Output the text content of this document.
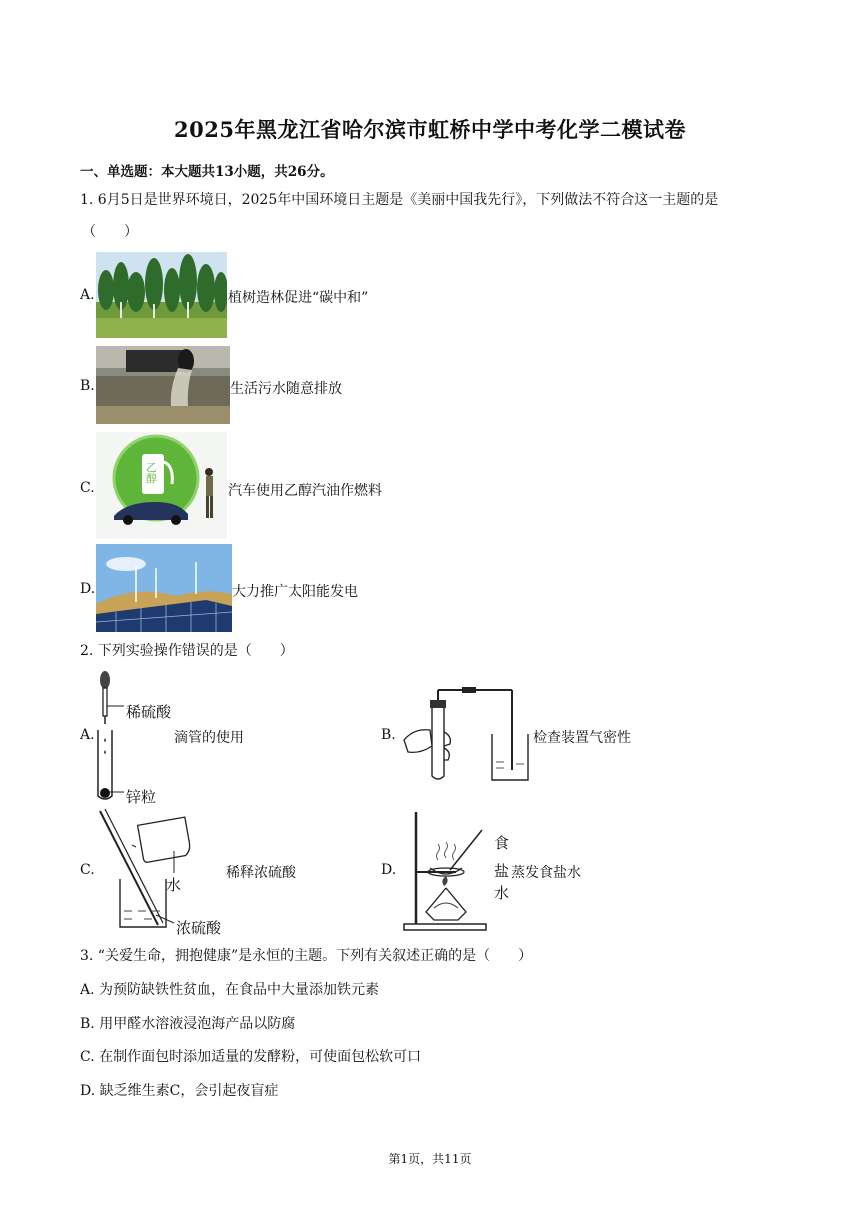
2025年黑龙江省哈尔滨市虹桥中学中考化学二模试卷
一、单选题：本大题共13小题，共26分。
1. 6月5日是世界环境日，2025年中国环境日主题是《美丽中国我先行》，下列做法不符合这一主题的是
（　　）
A.	植树造林促进“碳中和”
B.	生活污水随意排放
C.
乙醇
汽车使用乙醇汽油作燃料
D.	大力推广太阳能发电
2. 下列实验操作错误的是（　　）
A.
稀硫酸
锌粒
滴管的使用	B.	检查装置气密性
C.
水
浓硫酸
稀释浓硫酸	D.
食
盐
水
蒸发食盐水
3. “关爱生命，拥抱健康”是永恒的主题。下列有关叙述正确的是（　　）
A. 为预防缺铁性贫血，在食品中大量添加铁元素
B. 用甲醛水溶液浸泡海产品以防腐
C. 在制作面包时添加适量的发酵粉，可使面包松软可口
D. 缺乏维生素C，会引起夜盲症
第1页，共11页
